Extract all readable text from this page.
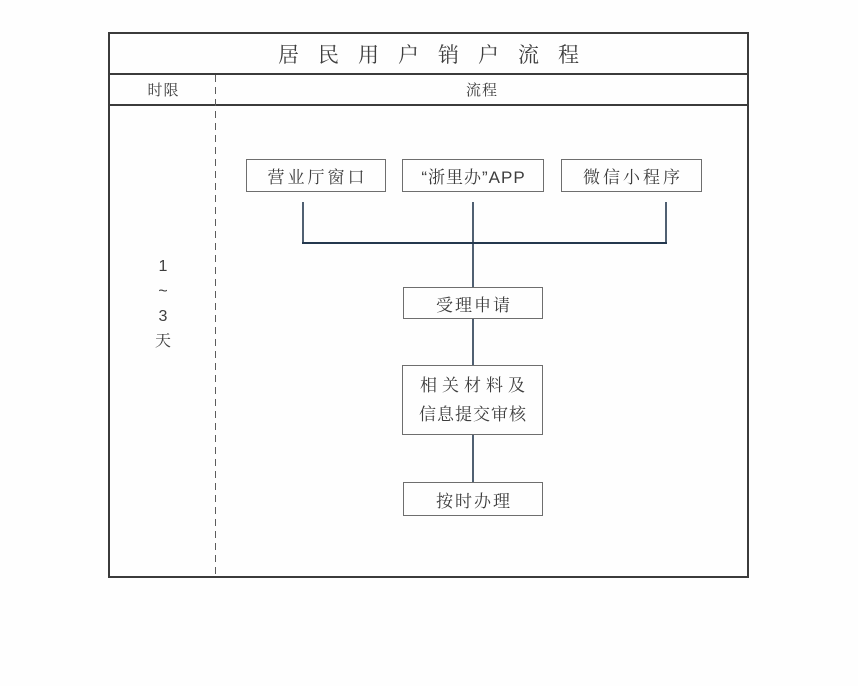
居民用户销户流程
时限	流程
1
~
3
天
营业厅窗口	“浙里办”APP	微信小程序
受理申请
相关材料及
信息提交审核
按时办理
